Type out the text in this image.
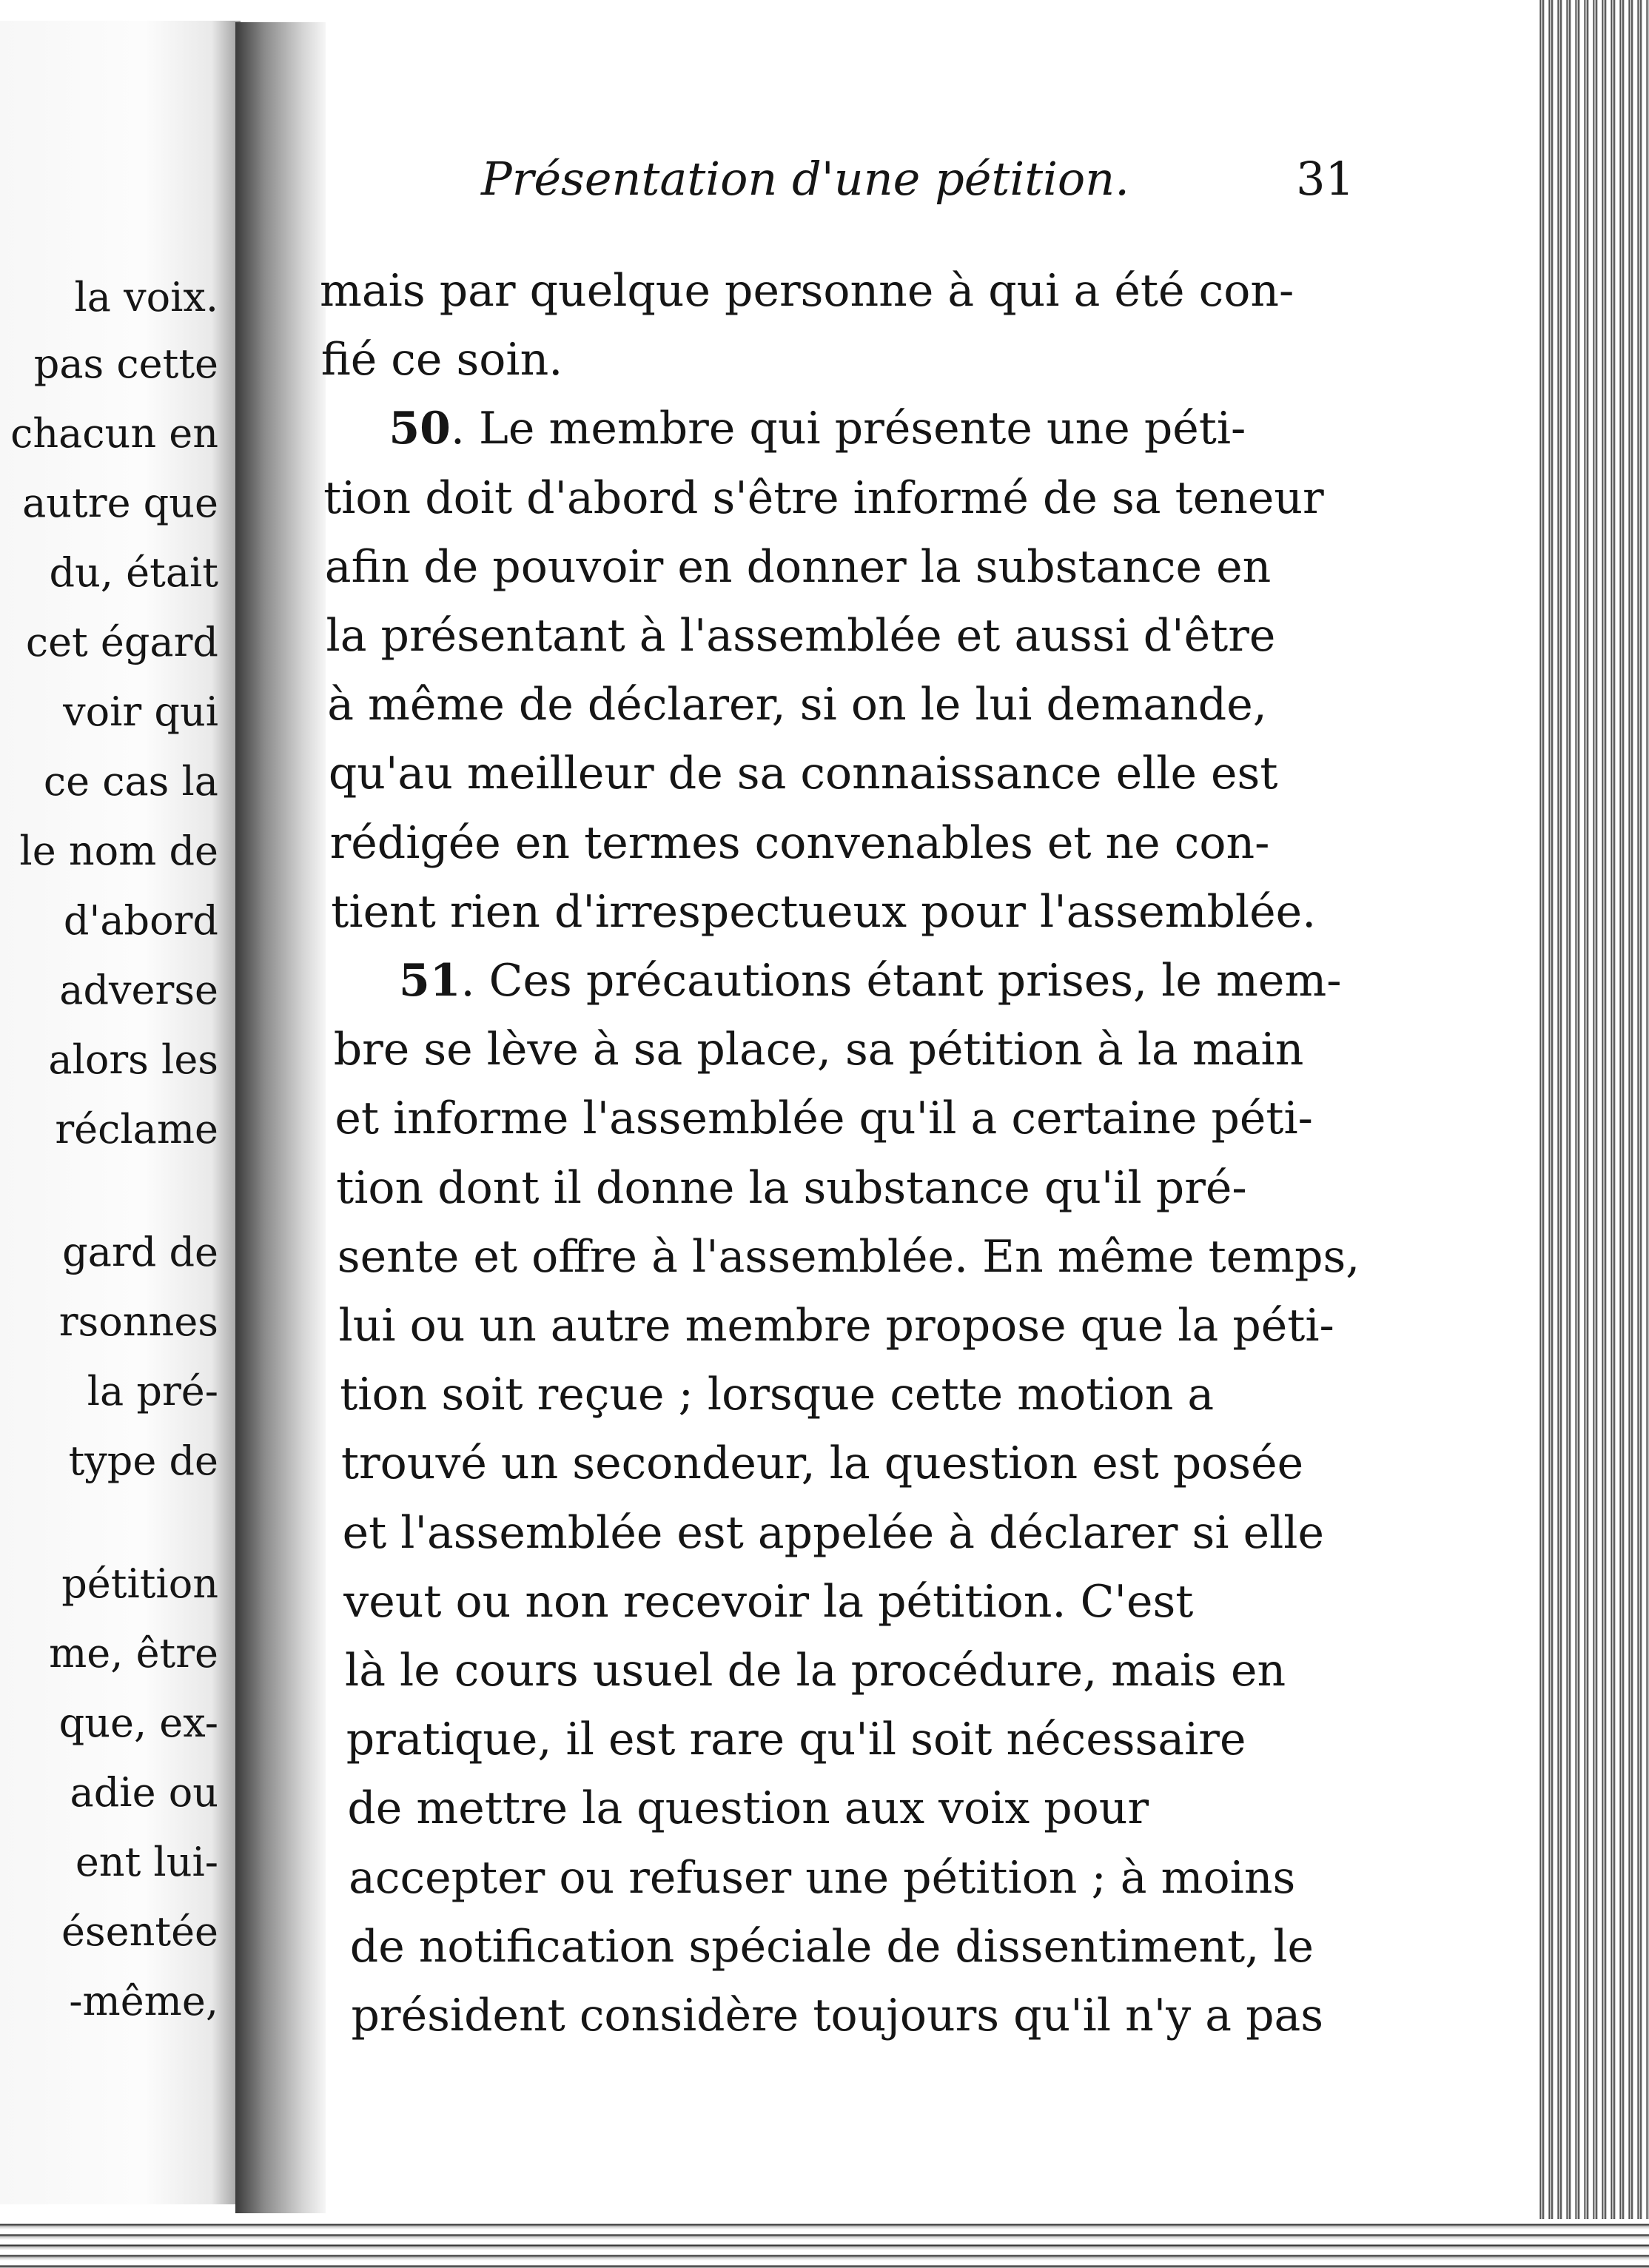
la voix.
pas cette
chacun en
autre que
du, était
cet égard
voir qui
ce cas la
le nom de
d'abord
adverse
alors les
réclame
gard de
rsonnes
la pré-
type de
pétition
me, être
que, ex-
adie ou
ent lui-
ésentée
-même,
Présentation d'une pétition.	31
mais par quelque personne à qui a été con-
fié ce soin.
50. Le membre qui présente une péti-
tion doit d'abord s'être informé de sa teneur
afin de pouvoir en donner la substance en
la présentant à l'assemblée et aussi d'être
à même de déclarer, si on le lui demande,
qu'au meilleur de sa connaissance elle est
rédigée en termes convenables et ne con-
tient rien d'irrespectueux pour l'assemblée.
51. Ces précautions étant prises, le mem-
bre se lève à sa place, sa pétition à la main
et informe l'assemblée qu'il a certaine péti-
tion dont il donne la substance qu'il pré-
sente et offre à l'assemblée. En même temps,
lui ou un autre membre propose que la péti-
tion soit reçue ; lorsque cette motion a
trouvé un secondeur, la question est posée
et l'assemblée est appelée à déclarer si elle
veut ou non recevoir la pétition. C'est
là le cours usuel de la procédure, mais en
pratique, il est rare qu'il soit nécessaire
de mettre la question aux voix pour
accepter ou refuser une pétition ; à moins
de notification spéciale de dissentiment, le
président considère toujours qu'il n'y a pas
